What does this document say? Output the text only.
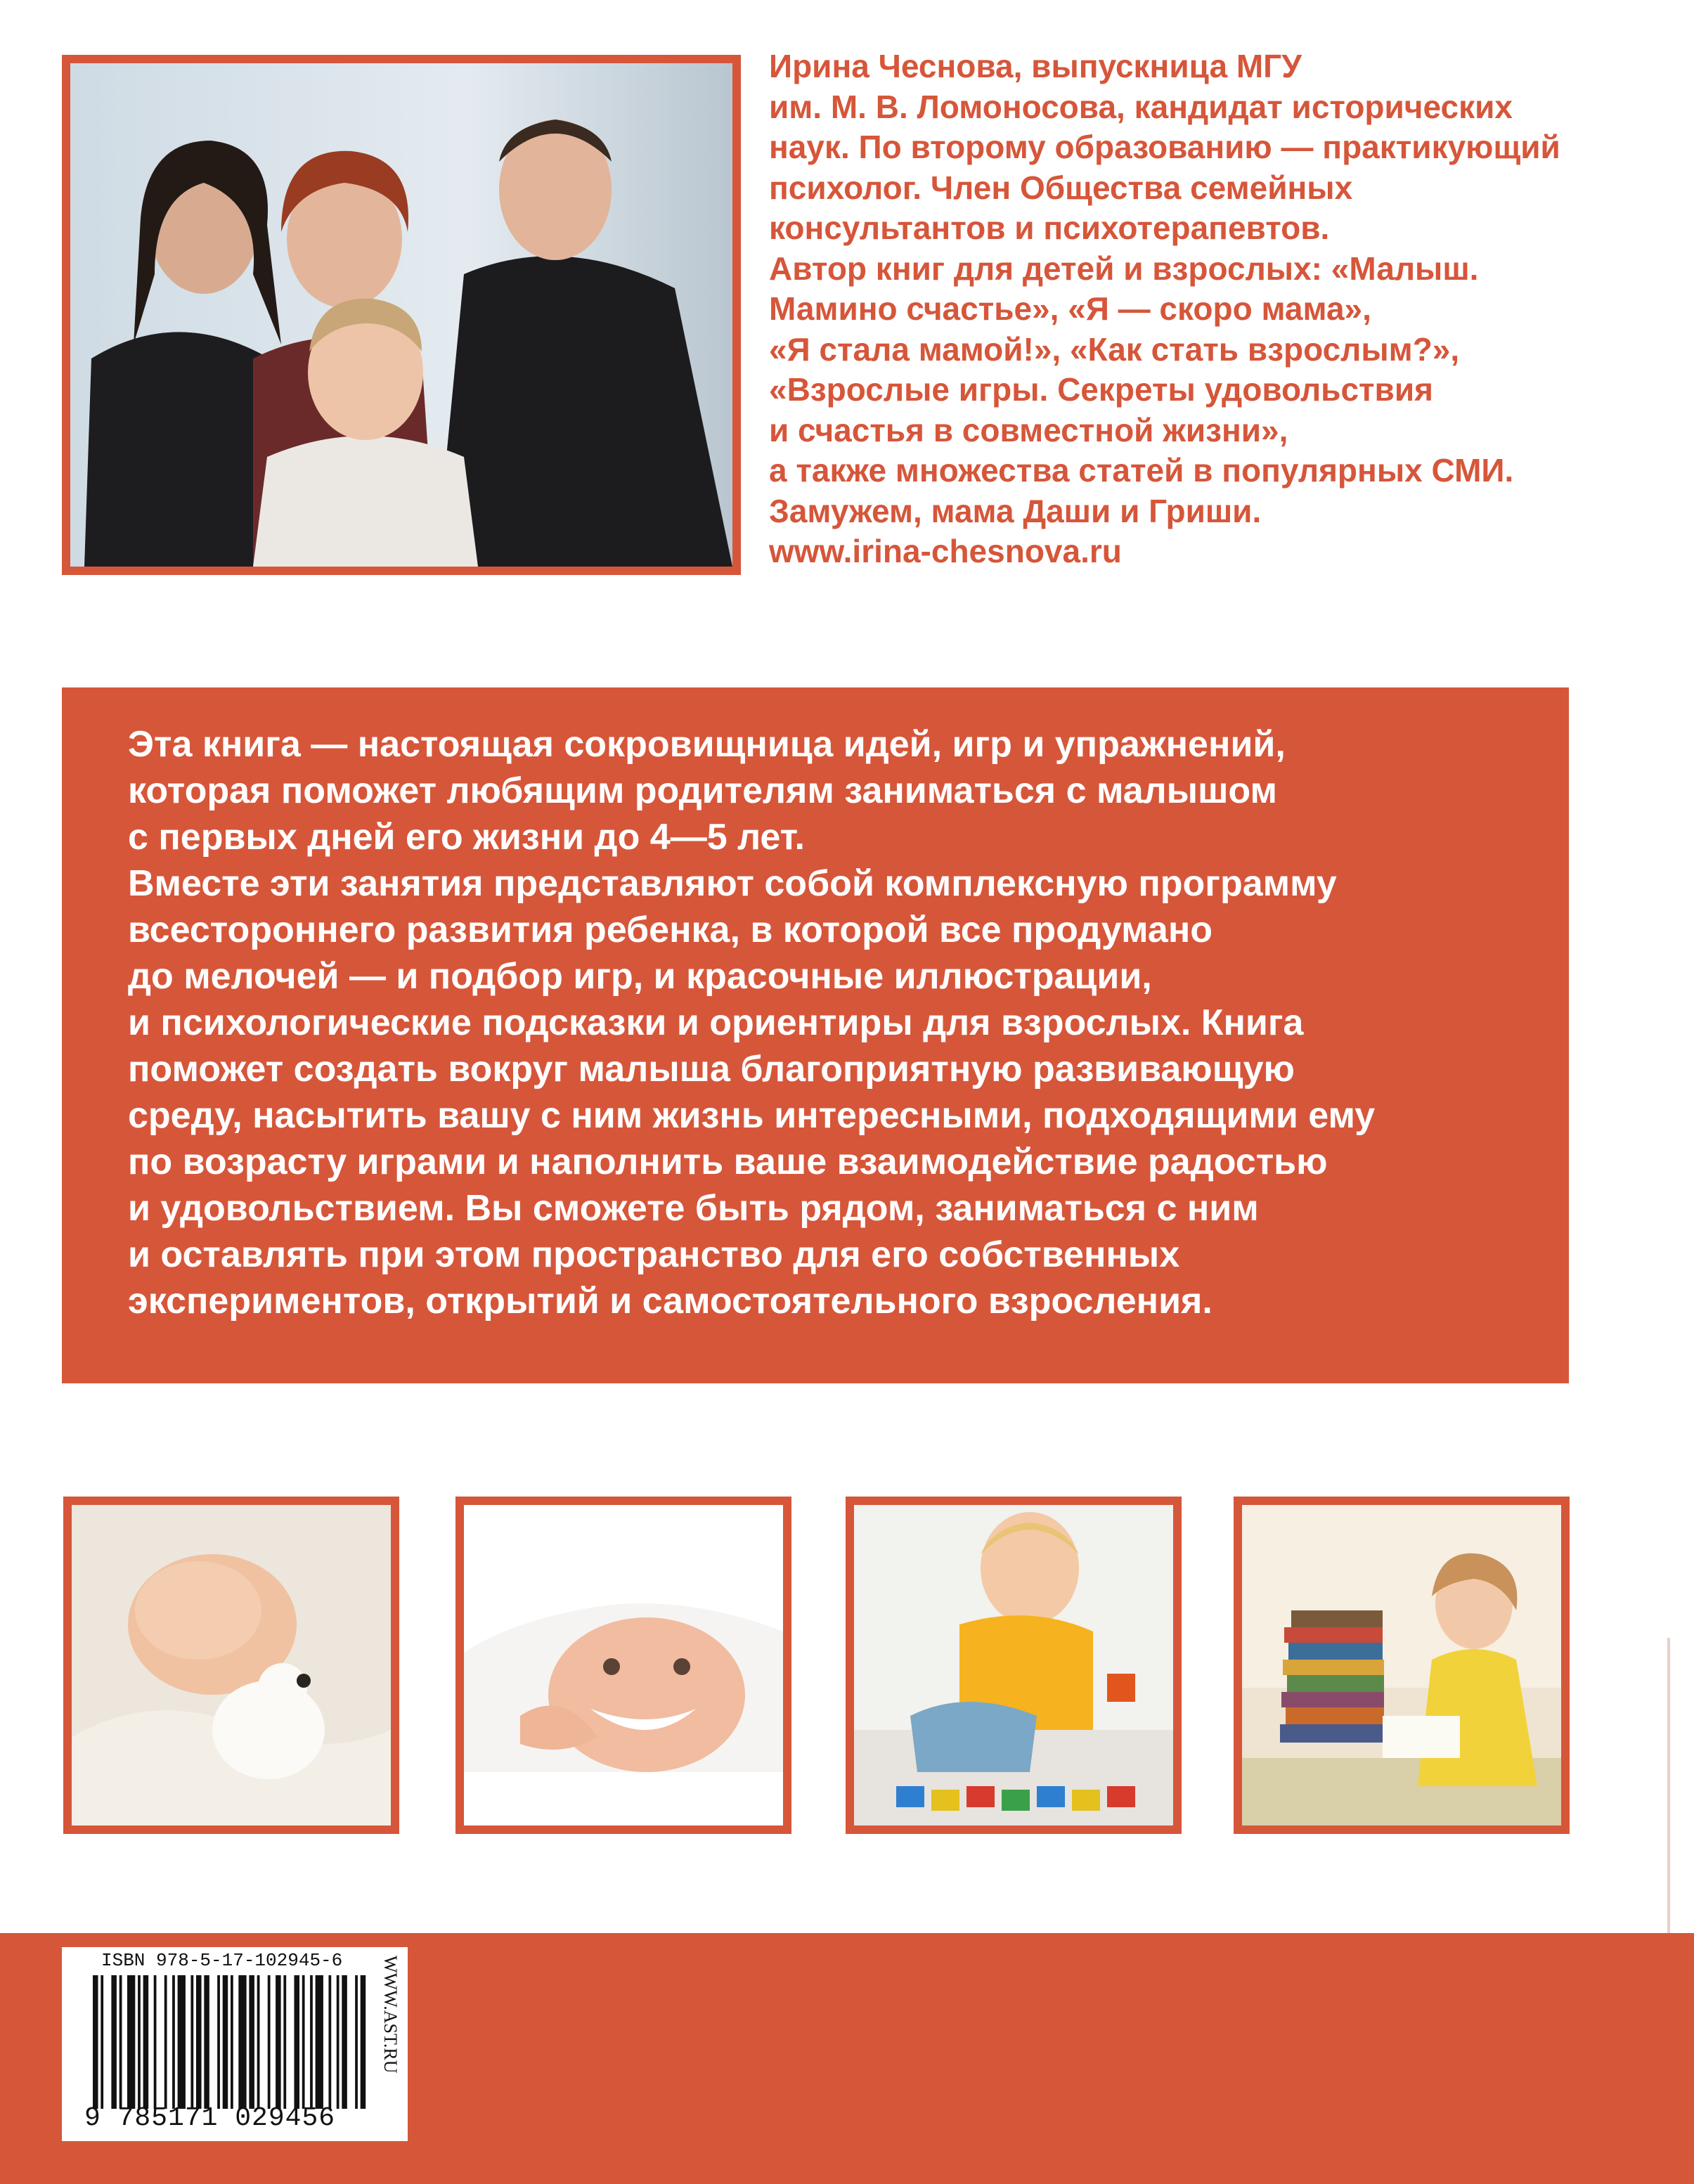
Ирина Чеснова, выпускница МГУ
им. М. В. Ломоносова, кандидат исторических
наук. По второму образованию — практикующий
психолог. Член Общества семейных
консультантов и психотерапевтов.
Автор книг для детей и взрослых: «Малыш.
Мамино счастье», «Я — скоро мама»,
«Я стала мамой!», «Как стать взрослым?»,
«Взрослые игры. Секреты удовольствия
и счастья в совместной жизни»,
а также множества статей в популярных СМИ.
Замужем, мама Даши и Гриши.
www.irina-chesnova.ru

Эта книга — настоящая сокровищница идей, игр и упражнений,
которая поможет любящим родителям заниматься с малышом
с первых дней его жизни до 4—5 лет.
Вместе эти занятия представляют собой комплексную программу
всестороннего развития ребенка, в которой все продумано
до мелочей — и подбор игр, и красочные иллюстрации,
и психологические подсказки и ориентиры для взрослых. Книга
поможет создать вокруг малыша благоприятную развивающую
среду, насытить вашу с ним жизнь интересными, подходящими ему
по возрасту играми и наполнить ваше взаимодействие радостью
и удовольствием. Вы сможете быть рядом, заниматься с ним
и оставлять при этом пространство для его собственных
экспериментов, открытий и самостоятельного взросления.

ISBN 978-5-17-102945-6
9 785171 029456
WWW.AST.RU
